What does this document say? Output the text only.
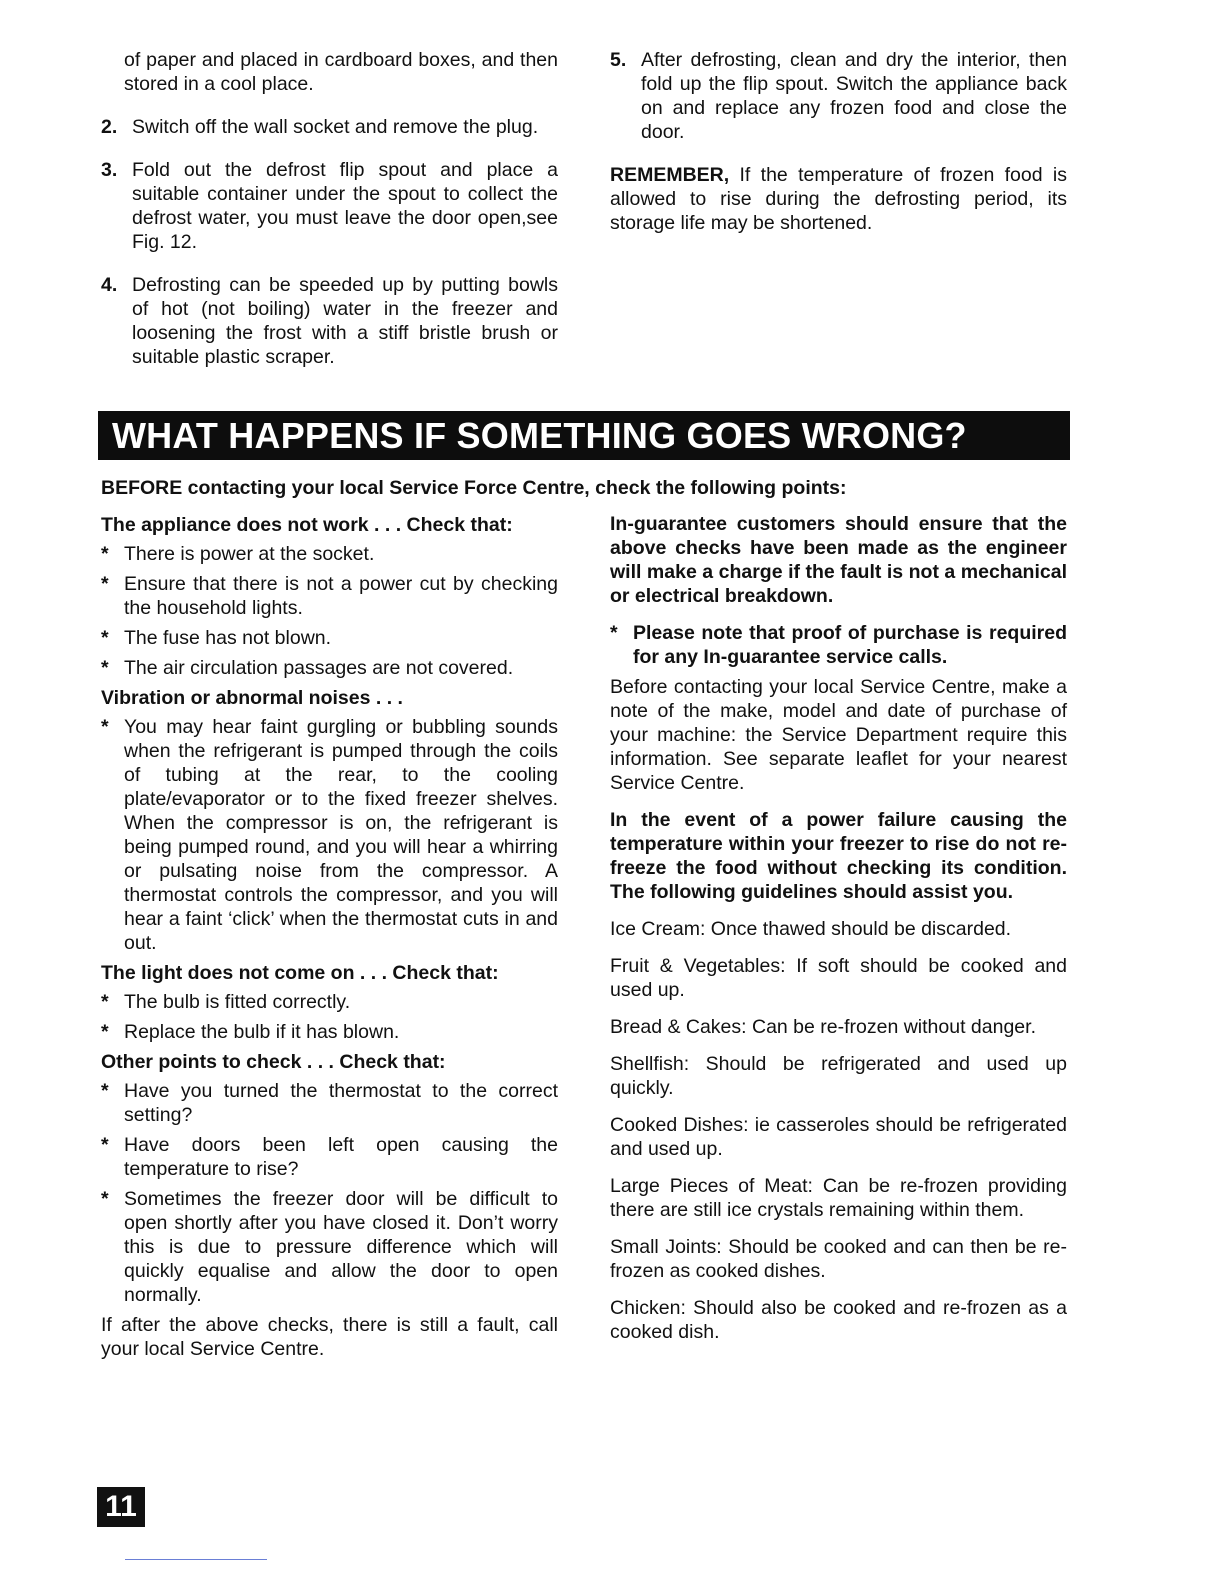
of paper and placed in cardboard boxes, and then stored in a cool place.

2. Switch off the wall socket and remove the plug.
3. Fold out the defrost flip spout and place a suitable container under the spout to collect the defrost water, you must leave the door open,see Fig. 12.
4. Defrosting can be speeded up by putting bowls of hot (not boiling) water in the freezer and loosening the frost with a stiff bristle brush or suitable plastic scraper.
5. After defrosting, clean and dry the interior, then fold up the flip spout. Switch the appliance back on and replace any frozen food and close the door.

REMEMBER, If the temperature of frozen food is allowed to rise during the defrosting period, its storage life may be shortened.

WHAT HAPPENS IF SOMETHING GOES WRONG?

BEFORE contacting your local Service Force Centre, check the following points:

The appliance does not work . . . Check that:

* There is power at the socket.
* Ensure that there is not a power cut by checking the household lights.
* The fuse has not blown.
* The air circulation passages are not covered.

Vibration or abnormal noises . . .

* You may hear faint gurgling or bubbling sounds when the refrigerant is pumped through the coils of tubing at the rear, to the cooling plate/evaporator or to the fixed freezer shelves. When the compressor is on, the refrigerant is being pumped round, and you will hear a whirring or pulsating noise from the compressor. A thermostat controls the compressor, and you will hear a faint ‘click’ when the thermostat cuts in and out.

The light does not come on . . . Check that:

* The bulb is fitted correctly.
* Replace the bulb if it has blown.

Other points to check . . . Check that:

* Have you turned the thermostat to the correct setting?
* Have doors been left open causing the temperature to rise?
* Sometimes the freezer door will be difficult to open shortly after you have closed it. Don’t worry this is due to pressure difference which will quickly equalise and allow the door to open normally.

If after the above checks, there is still a fault, call your local Service Centre.

In-guarantee customers should ensure that the above checks have been made as the engineer will make a charge if the fault is not a mechanical or electrical breakdown.

* Please note that proof of purchase is required for any In-guarantee service calls.

Before contacting your local Service Centre, make a note of the make, model and date of purchase of your machine: the Service Department require this information. See separate leaflet for your nearest Service Centre.

In the event of a power failure causing the temperature within your freezer to rise do not re-freeze the food without checking its condition. The following guidelines should assist you.

Ice Cream: Once thawed should be discarded.

Fruit & Vegetables: If soft should be cooked and used up.

Bread & Cakes: Can be re-frozen without danger.

Shellfish: Should be refrigerated and used up quickly.

Cooked Dishes: ie casseroles should be refrigerated and used up.

Large Pieces of Meat: Can be re-frozen providing there are still ice crystals remaining within them.

Small Joints: Should be cooked and can then be re-frozen as cooked dishes.

Chicken: Should also be cooked and re-frozen as a cooked dish.

11
